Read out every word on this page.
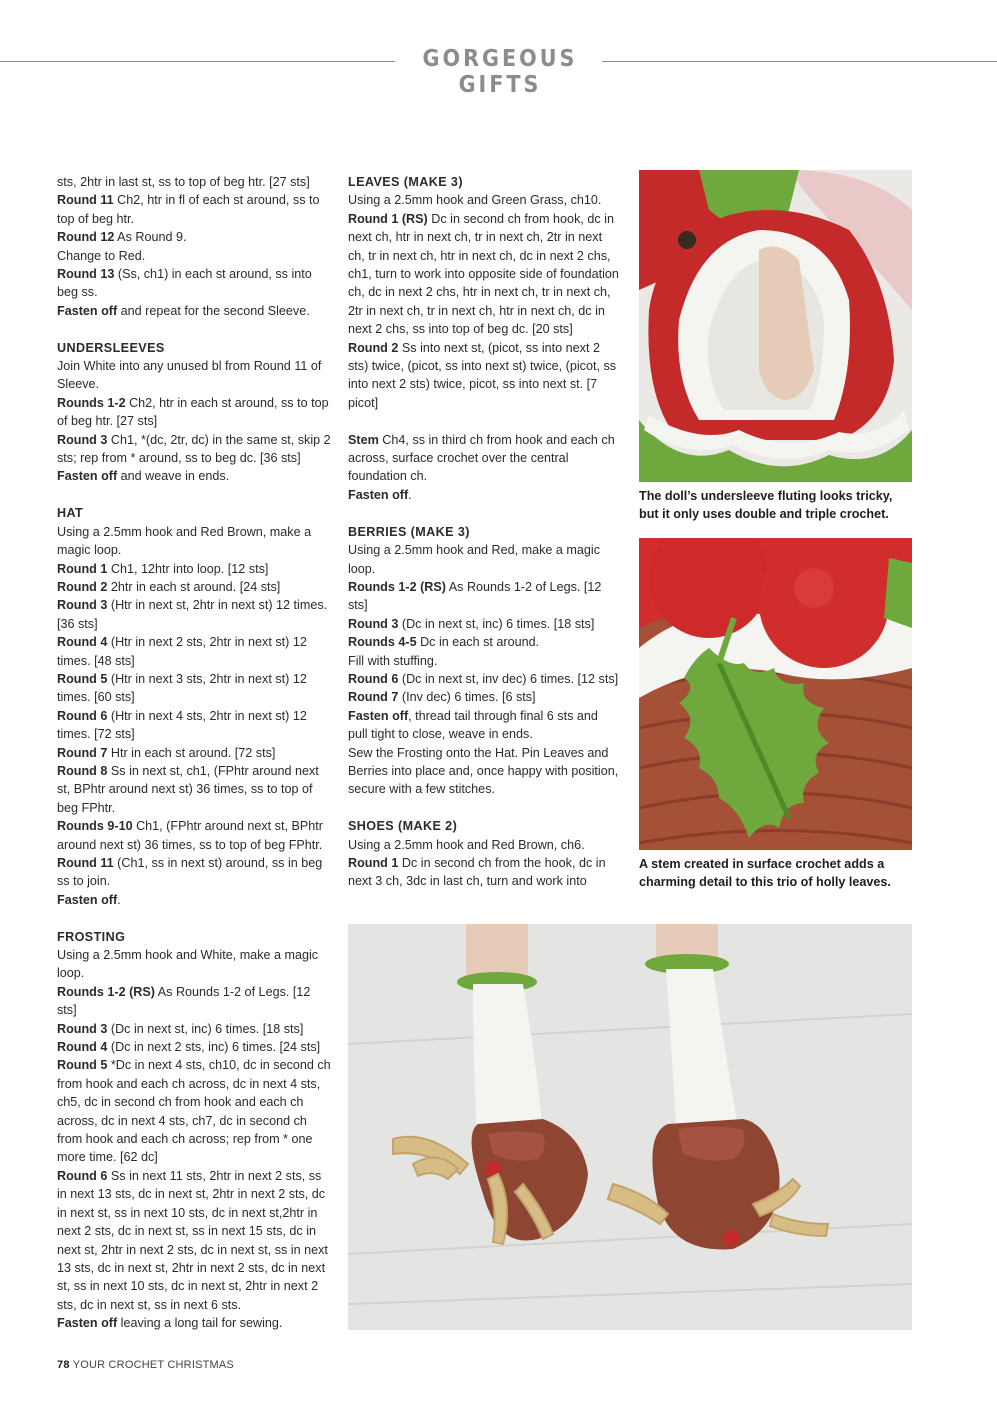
GORGEOUS GIFTS

sts, 2htr in last st, ss to top of beg htr. [27 sts]

Round 11 Ch2, htr in fl of each st around, ss to top of beg htr.

Round 12 As Round 9.

Change to Red.

Round 13 (Ss, ch1) in each st around, ss into beg ss.

Fasten off and repeat for the second Sleeve.

UNDERSLEEVES

Join White into any unused bl from Round 11 of Sleeve.

Rounds 1-2 Ch2, htr in each st around, ss to top of beg htr. [27 sts]

Round 3 Ch1, *(dc, 2tr, dc) in the same st, skip 2 sts; rep from * around, ss to beg dc. [36 sts]

Fasten off and weave in ends.

HAT

Using a 2.5mm hook and Red Brown, make a magic loop.

Round 1 Ch1, 12htr into loop. [12 sts]

Round 2 2htr in each st around. [24 sts]

Round 3 (Htr in next st, 2htr in next st) 12 times. [36 sts]

Round 4 (Htr in next 2 sts, 2htr in next st) 12 times. [48 sts]

Round 5 (Htr in next 3 sts, 2htr in next st) 12 times. [60 sts]

Round 6 (Htr in next 4 sts, 2htr in next st) 12 times. [72 sts]

Round 7 Htr in each st around. [72 sts]

Round 8 Ss in next st, ch1, (FPhtr around next st, BPhtr around next st) 36 times, ss to top of beg FPhtr.

Rounds 9-10 Ch1, (FPhtr around next st, BPhtr around next st) 36 times, ss to top of beg FPhtr.

Round 11 (Ch1, ss in next st) around, ss in beg ss to join.

Fasten off.

FROSTING

Using a 2.5mm hook and White, make a magic loop.

Rounds 1-2 (RS) As Rounds 1-2 of Legs. [12 sts]

Round 3 (Dc in next st, inc) 6 times. [18 sts]

Round 4 (Dc in next 2 sts, inc) 6 times. [24 sts]

Round 5 *Dc in next 4 sts, ch10, dc in second ch from hook and each ch across, dc in next 4 sts, ch5, dc in second ch from hook and each ch across, dc in next 4 sts, ch7, dc in second ch from hook and each ch across; rep from * one more time. [62 dc]

Round 6 Ss in next 11 sts, 2htr in next 2 sts, ss in next 13 sts, dc in next st, 2htr in next 2 sts, dc in next st, ss in next 10 sts, dc in next st,2htr in next 2 sts, dc in next st, ss in next 15 sts, dc in next st, 2htr in next 2 sts, dc in next st, ss in next 13 sts, dc in next st, 2htr in next 2 sts, dc in next st, ss in next 10 sts, dc in next st, 2htr in next 2 sts, dc in next st, ss in next 6 sts.

Fasten off leaving a long tail for sewing.

LEAVES (MAKE 3)

Using a 2.5mm hook and Green Grass, ch10.

Round 1 (RS) Dc in second ch from hook, dc in next ch, htr in next ch, tr in next ch, 2tr in next ch, tr in next ch, htr in next ch, dc in next 2 chs, ch1, turn to work into opposite side of foundation ch, dc in next 2 chs, htr in next ch, tr in next ch, 2tr in next ch, tr in next ch, htr in next ch, dc in next 2 chs, ss into top of beg dc. [20 sts]

Round 2 Ss into next st, (picot, ss into next 2 sts) twice, (picot, ss into next st) twice, (picot, ss into next 2 sts) twice, picot, ss into next st. [7 picot]

Stem Ch4, ss in third ch from hook and each ch across, surface crochet over the central foundation ch.

Fasten off.

BERRIES (MAKE 3)

Using a 2.5mm hook and Red, make a magic loop.

Rounds 1-2 (RS) As Rounds 1-2 of Legs. [12 sts]

Round 3 (Dc in next st, inc) 6 times. [18 sts]

Rounds 4-5 Dc in each st around.

Fill with stuffing.

Round 6 (Dc in next st, inv dec) 6 times. [12 sts]

Round 7 (Inv dec) 6 times. [6 sts]

Fasten off, thread tail through final 6 sts and pull tight to close, weave in ends.

Sew the Frosting onto the Hat. Pin Leaves and Berries into place and, once happy with position, secure with a few stitches.

SHOES (MAKE 2)

Using a 2.5mm hook and Red Brown, ch6.

Round 1 Dc in second ch from the hook, dc in next 3 ch, 3dc in last ch, turn and work into

The doll’s undersleeve fluting looks tricky, but it only uses double and triple crochet.
A stem created in surface crochet adds a charming detail to this trio of holly leaves.
78 YOUR CROCHET CHRISTMAS
